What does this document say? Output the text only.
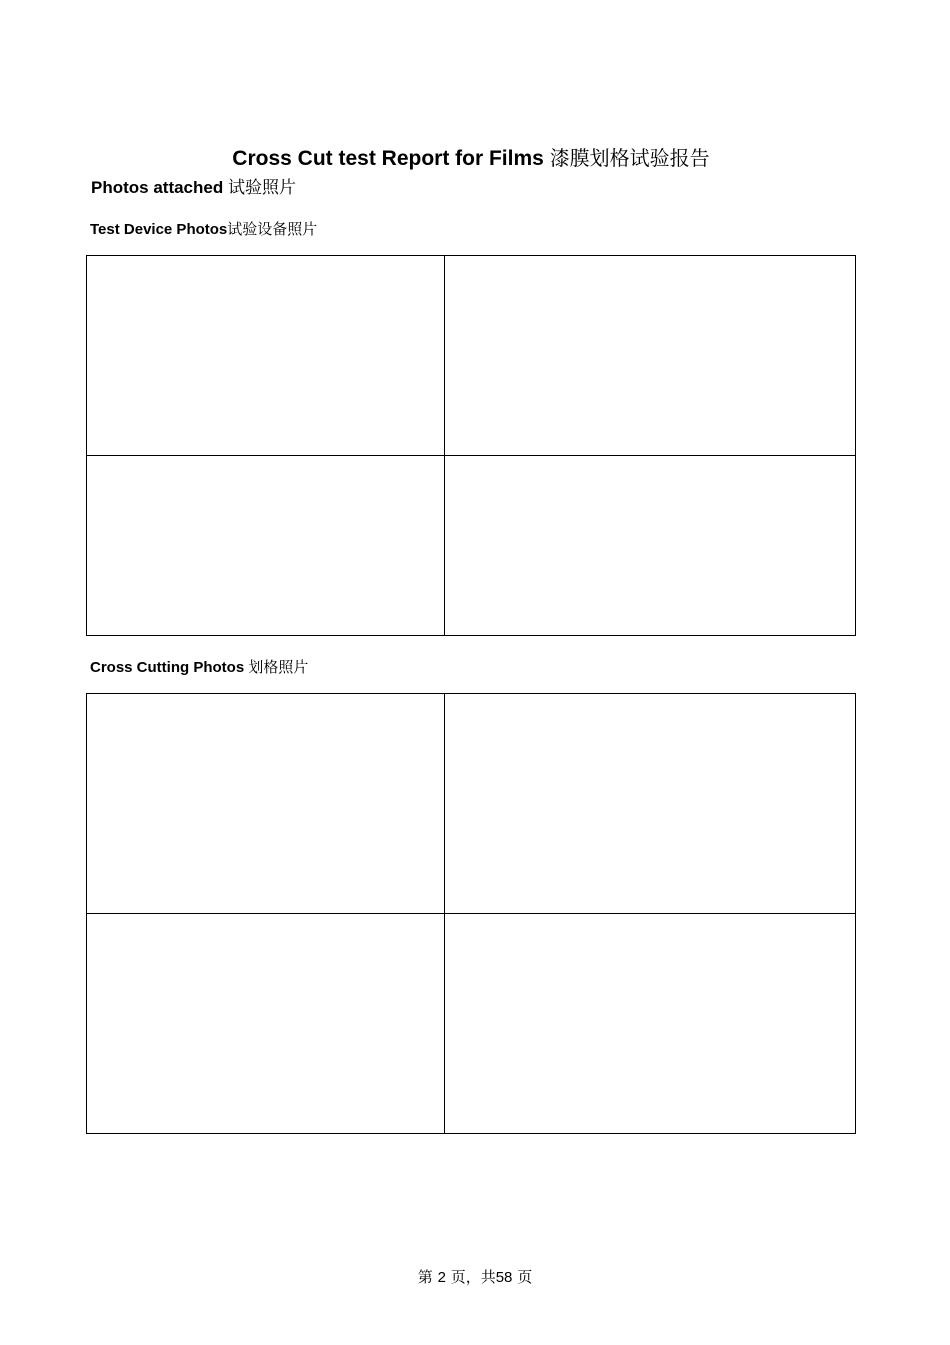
Cross Cut test Report for Films 漆膜划格试验报告
Photos attached 试验照片
Test Device Photos试验设备照片

Cross Cutting Photos 划格照片

第 2 页，共58 页
